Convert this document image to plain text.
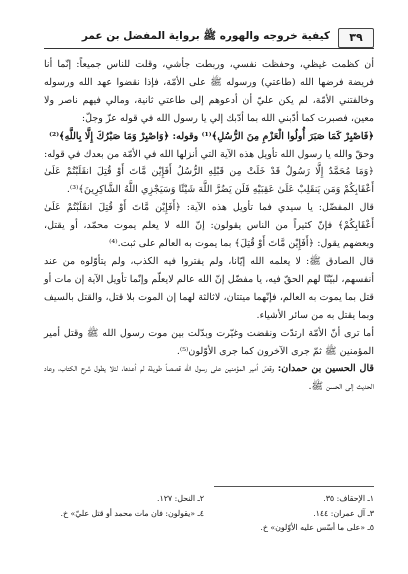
٣٩
كيفية خروجه والهوره ﷺ برواية المفضل بن عمر

أن كظمت غيظي، وحفظت نفسي، وربطت جأشي، وقلت للناس جميعاً: إنّما أنا فريضة فرضها الله (طاعتي) ورسوله ﷺ على الأمّة، فإذا نقضوا عهد الله ورسوله وخالفتني الأمّة، لم يكن عليّ أن أدعوهم إلى طاعتي ثانية، ومالي فيهم ناصر ولا معين، فصبرت كما أدّبني الله بما أدّبك إلي يا رسول الله في قوله عزّ وجلّ:

﴿فَاصْبِرْ كَمَا صَبَرَ أُولُوا الْعَزْمِ مِنَ الرُّسُلِ﴾⁽¹⁾ وقوله: ﴿وَاصْبِرْ وَمَا صَبْرُكَ إِلَّا بِاللَّهِ﴾⁽²⁾

وحقّ والله يا رسول الله تأويل هذه الآية التي أنزلها الله في الأمّة من بعدك في قوله: ﴿وَمَا مُحَمَّدٌ إِلَّا رَسُولٌ قَدْ خَلَتْ مِن قَبْلِهِ الرُّسُلُ أَفَإِيْن مَّاتَ أَوْ قُتِلَ انقَلَبْتُمْ عَلَىٰ أَعْقَابِكُمْ وَمَن يَنقَلِبْ عَلَىٰ عَقِبَيْهِ فَلَن يَضُرَّ اللَّهَ شَيْئًا وَسَيَجْزِي اللَّهُ الشَّاكِرِينَ﴾⁽³⁾.

قال المفضّل: يا سيدي فما تأويل هذه الآية: ﴿أَفَإِيْن مَّاتَ أَوْ قُتِلَ انقَلَبْتُمْ عَلَىٰ أَعْقَابِكُمْ﴾ فإنّ كثيراً من الناس يقولون: إنّ الله لا يعلم يموت محمّد، أو يقتل، وبعضهم يقول: ﴿أَفَإِيْن مَّاتَ أَوْ قُتِلَ﴾ بما يموت به العالم على ثبت.⁽⁴⁾

قال الصادق ﷺ: لا يعلمه الله إيّانا، ولم يفتروا فيه الكذب، ولم يتأوّلوه من عند أنفسهم، لبيّنّا لهم الحقّ فيه، يا مفضّل إنّ الله عالم لايعلّم وإنّما تأويل الآية إن مات أو قتل بما يموت به العالم، فإنّهما ميتتان، لاثالثة لهما إن الموت بلا قتل، والقتل بالسيف وبما يقتل به من سائر الأشياء.

أما ترى أنّ الأمّة ارتدّت ونقضت وغيّرت وبدّلت بين موت رسول الله ﷺ وقتل أمير المؤمنين ﷺ ثمّ جرى الآخرون كما جرى الأوّلون⁽⁵⁾.

قال الحسين بن حمدان: وقصّ أمير المؤمنين على رسول الله قصصاً طويلة لم أعدها، لئلا يطول شرح الكتاب، وعاد الحديث إلى الحسن ﷺ.

١ـ الإحقاف: ٣٥.
٢ـ النحل: ١٢٧.
٣ـ آل عمران: ١٤٤.
٤ـ «يقولون: فان مات محمد أو قتل عليّ» خ.
٥ـ «على ما أسّس عليه الأوّلون» خ.
